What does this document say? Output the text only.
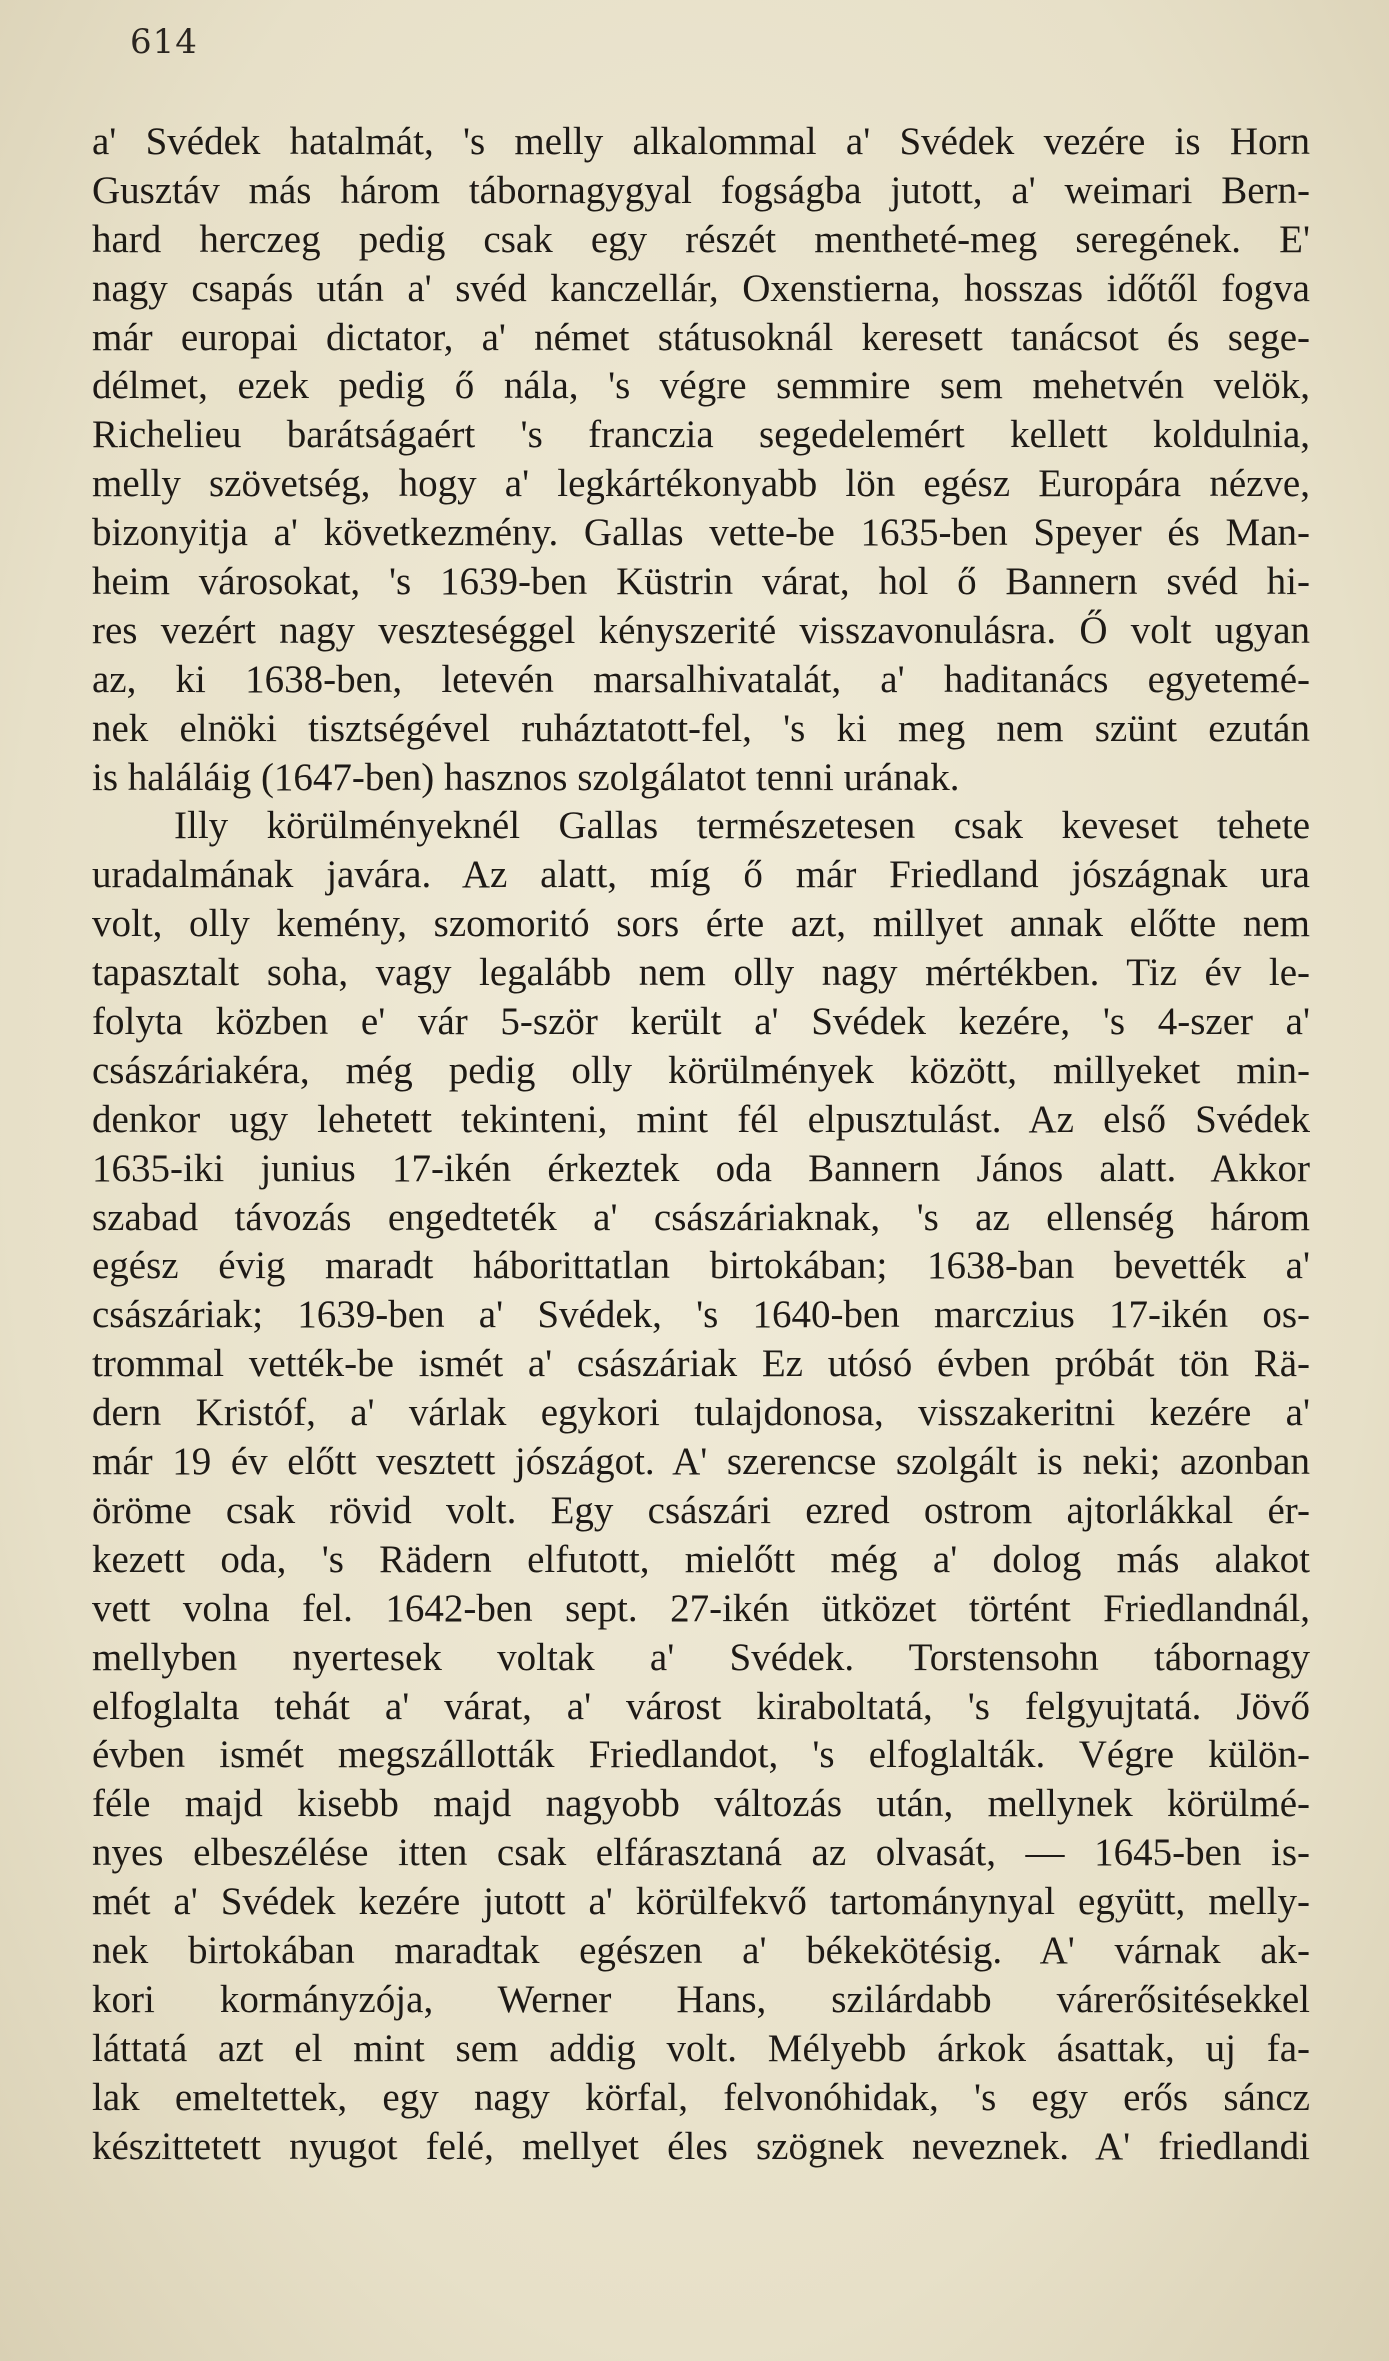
614
a' Svédek hatalmát, 's melly alkalommal a' Svédek vezére is Horn
Gusztáv más három tábornagygyal fogságba jutott, a' weimari Bern-
hard herczeg pedig csak egy részét mentheté-meg seregének. E'
nagy csapás után a' svéd kanczellár, Oxenstierna, hosszas időtől fogva
már europai dictator, a' német státusoknál keresett tanácsot és sege-
délmet, ezek pedig ő nála, 's végre semmire sem mehetvén velök,
Richelieu barátságaért 's franczia segedelemért kellett koldulnia,
melly szövetség, hogy a' legkártékonyabb lön egész Europára nézve,
bizonyitja a' következmény. Gallas vette-be 1635-ben Speyer és Man-
heim városokat, 's 1639-ben Küstrin várat, hol ő Bannern svéd hi-
res vezért nagy veszteséggel kényszerité visszavonulásra. Ő volt ugyan
az, ki 1638-ben, letevén marsalhivatalát, a' haditanács egyetemé-
nek elnöki tisztségével ruháztatott-fel, 's ki meg nem szünt ezután
is haláláig (1647-ben) hasznos szolgálatot tenni urának.
Illy körülményeknél Gallas természetesen csak keveset tehete
uradalmának javára. Az alatt, míg ő már Friedland jószágnak ura
volt, olly kemény, szomoritó sors érte azt, millyet annak előtte nem
tapasztalt soha, vagy legalább nem olly nagy mértékben. Tiz év le-
folyta közben e' vár 5-ször került a' Svédek kezére, 's 4-szer a'
császáriakéra, még pedig olly körülmények között, millyeket min-
denkor ugy lehetett tekinteni, mint fél elpusztulást. Az első Svédek
1635-iki junius 17-ikén érkeztek oda Bannern János alatt. Akkor
szabad távozás engedteték a' császáriaknak, 's az ellenség három
egész évig maradt háborittatlan birtokában; 1638-ban bevették a'
császáriak; 1639-ben a' Svédek, 's 1640-ben marczius 17-ikén os-
trommal vették-be ismét a' császáriak Ez utósó évben próbát tön Rä-
dern Kristóf, a' várlak egykori tulajdonosa, visszakeritni kezére a'
már 19 év előtt vesztett jószágot. A' szerencse szolgált is neki; azonban
öröme csak rövid volt. Egy császári ezred ostrom ajtorlákkal ér-
kezett oda, 's Rädern elfutott, mielőtt még a' dolog más alakot
vett volna fel. 1642-ben sept. 27-ikén ütközet történt Friedlandnál,
mellyben nyertesek voltak a' Svédek. Torstensohn tábornagy
elfoglalta tehát a' várat, a' várost kiraboltatá, 's felgyujtatá. Jövő
évben ismét megszállották Friedlandot, 's elfoglalták. Végre külön-
féle majd kisebb majd nagyobb változás után, mellynek körülmé-
nyes elbeszélése itten csak elfárasztaná az olvasát, — 1645-ben is-
mét a' Svédek kezére jutott a' körülfekvő tartománynyal együtt, melly-
nek birtokában maradtak egészen a' békekötésig. A' várnak ak-
kori kormányzója, Werner Hans, szilárdabb várerősitésekkel
láttatá azt el mint sem addig volt. Mélyebb árkok ásattak, uj fa-
lak emeltettek, egy nagy körfal, felvonóhidak, 's egy erős sáncz
készittetett nyugot felé, mellyet éles szögnek neveznek. A' friedlandi
